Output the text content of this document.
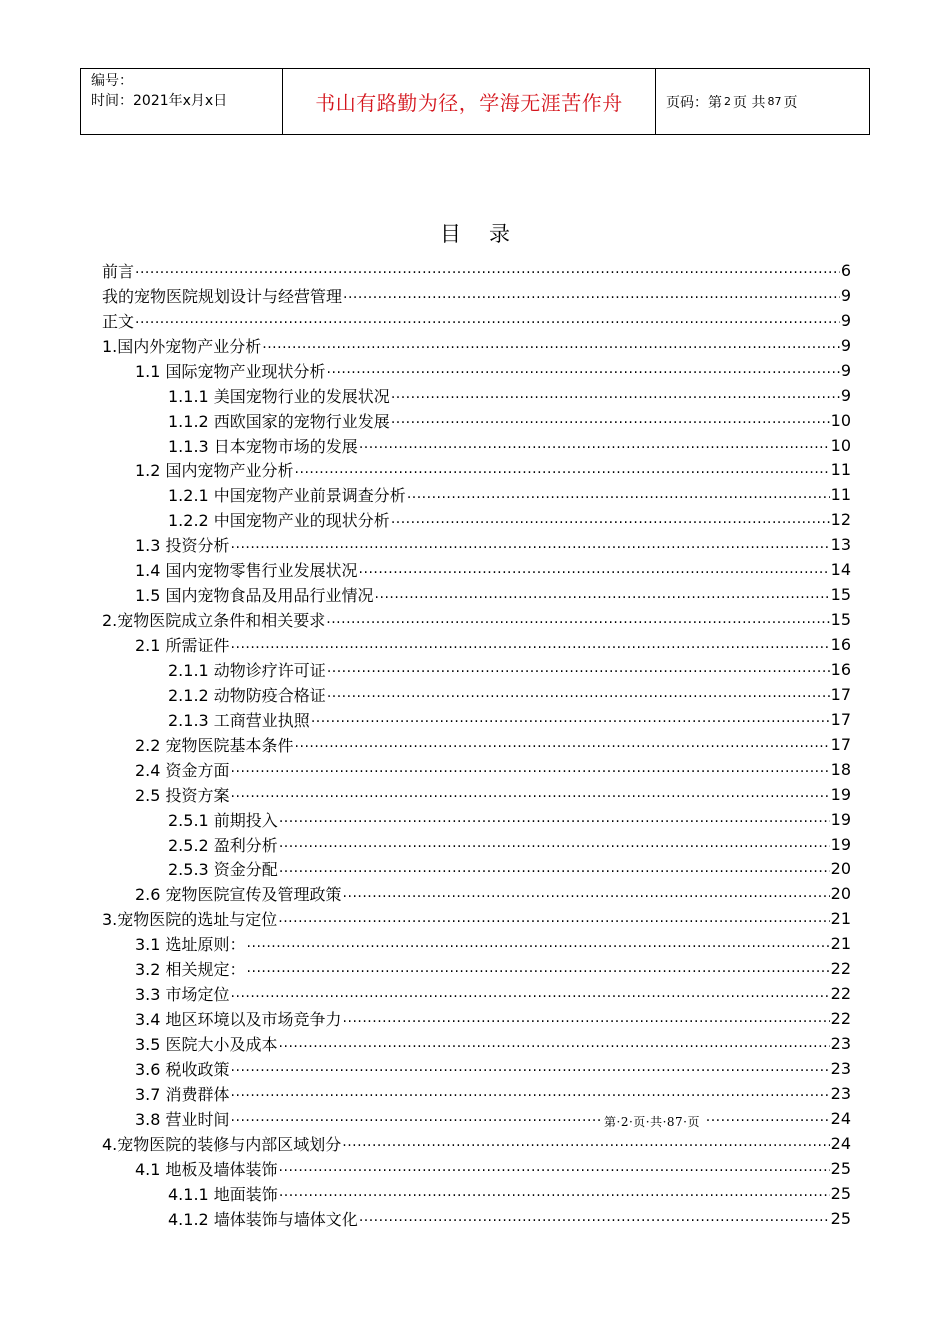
编号：
时间：2021年x月x日	书山有路勤为径，学海无涯苦作舟	页码：第 2 页 共 87 页
目录
前言 .....	6
我的宠物医院规划设计与经营管理 .....	9
正文 .....	9
1.国内外宠物产业分析 .....	9
1.1 国际宠物产业现状分析 .....	9
1.1.1 美国宠物行业的发展状况 .....	9
1.1.2 西欧国家的宠物行业发展 .....	10
1.1.3 日本宠物市场的发展 .....	10
1.2 国内宠物产业分析 .....	11
1.2.1 中国宠物产业前景调查分析 .....	11
1.2.2 中国宠物产业的现状分析 .....	12
1.3 投资分析 .....	13
1.4 国内宠物零售行业发展状况 .....	14
1.5 国内宠物食品及用品行业情况 .....	15
2.宠物医院成立条件和相关要求 .....	15
2.1 所需证件 .....	16
2.1.1 动物诊疗许可证 .....	16
2.1.2 动物防疫合格证 .....	17
2.1.3 工商营业执照 .....	17
2.2 宠物医院基本条件 .....	17
2.4 资金方面 .....	18
2.5 投资方案 .....	19
2.5.1 前期投入 .....	19
2.5.2 盈利分析 .....	19
2.5.3 资金分配 .....	20
2.6 宠物医院宣传及管理政策 .....	20
3.宠物医院的选址与定位 .....	21
3.1 选址原则： .....	21
3.2 相关规定： .....	22
3.3 市场定位 .....	22
3.4 地区环境以及市场竞争力 .....	22
3.5 医院大小及成本 .....	23
3.6 税收政策 .....	23
3.7 消费群体 .....	23
3.8 营业时间 .....	24
4.宠物医院的装修与内部区域划分 .....	24
4.1 地板及墙体装饰 .....	25
4.1.1 地面装饰 .....	25
4.1.2 墙体装饰与墙体文化 .....	25
第·2·页·共·87·页
